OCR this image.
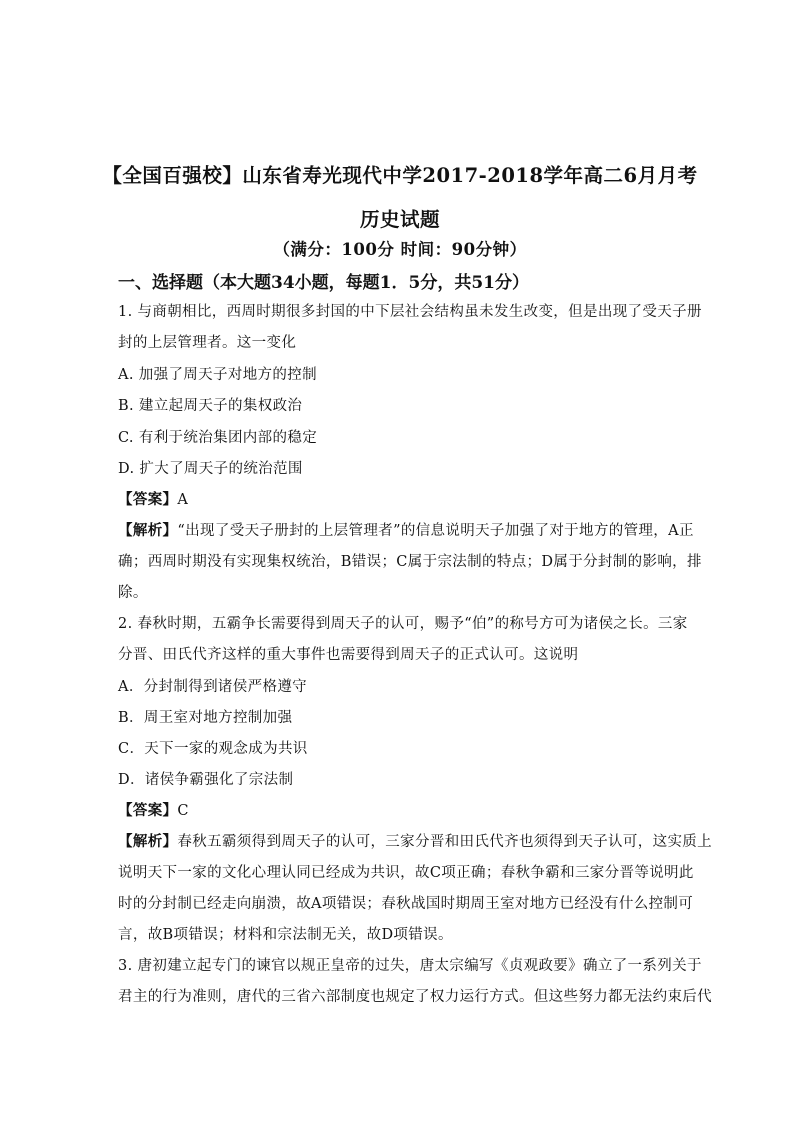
【全国百强校】山东省寿光现代中学2017-2018学年高二6月月考
历史试题
（满分：100分 时间：90分钟）
一、选择题（本大题34小题，每题1．5分，共51分）
1. 与商朝相比，西周时期很多封国的中下层社会结构虽未发生改变，但是出现了受天子册
封的上层管理者。这一变化
A. 加强了周天子对地方的控制
B. 建立起周天子的集权政治
C. 有利于统治集团内部的稳定
D. 扩大了周天子的统治范围
【答案】A
【解析】“出现了受天子册封的上层管理者”的信息说明天子加强了对于地方的管理，A正
确；西周时期没有实现集权统治，B错误；C属于宗法制的特点；D属于分封制的影响，排
除。
2. 春秋时期，五霸争长需要得到周天子的认可，赐予“伯”的称号方可为诸侯之长。三家
分晋、田氏代齐这样的重大事件也需要得到周天子的正式认可。这说明
A．分封制得到诸侯严格遵守
B．周王室对地方控制加强
C．天下一家的观念成为共识
D．诸侯争霸强化了宗法制
【答案】C
【解析】春秋五霸须得到周天子的认可，三家分晋和田氏代齐也须得到天子认可，这实质上
说明天下一家的文化心理认同已经成为共识，故C项正确；春秋争霸和三家分晋等说明此
时的分封制已经走向崩溃，故A项错误；春秋战国时期周王室对地方已经没有什么控制可
言，故B项错误；材料和宗法制无关，故D项错误。
3. 唐初建立起专门的谏官以规正皇帝的过失，唐太宗编写《贞观政要》确立了一系列关于
君主的行为准则，唐代的三省六部制度也规定了权力运行方式。但这些努力都无法约束后代
